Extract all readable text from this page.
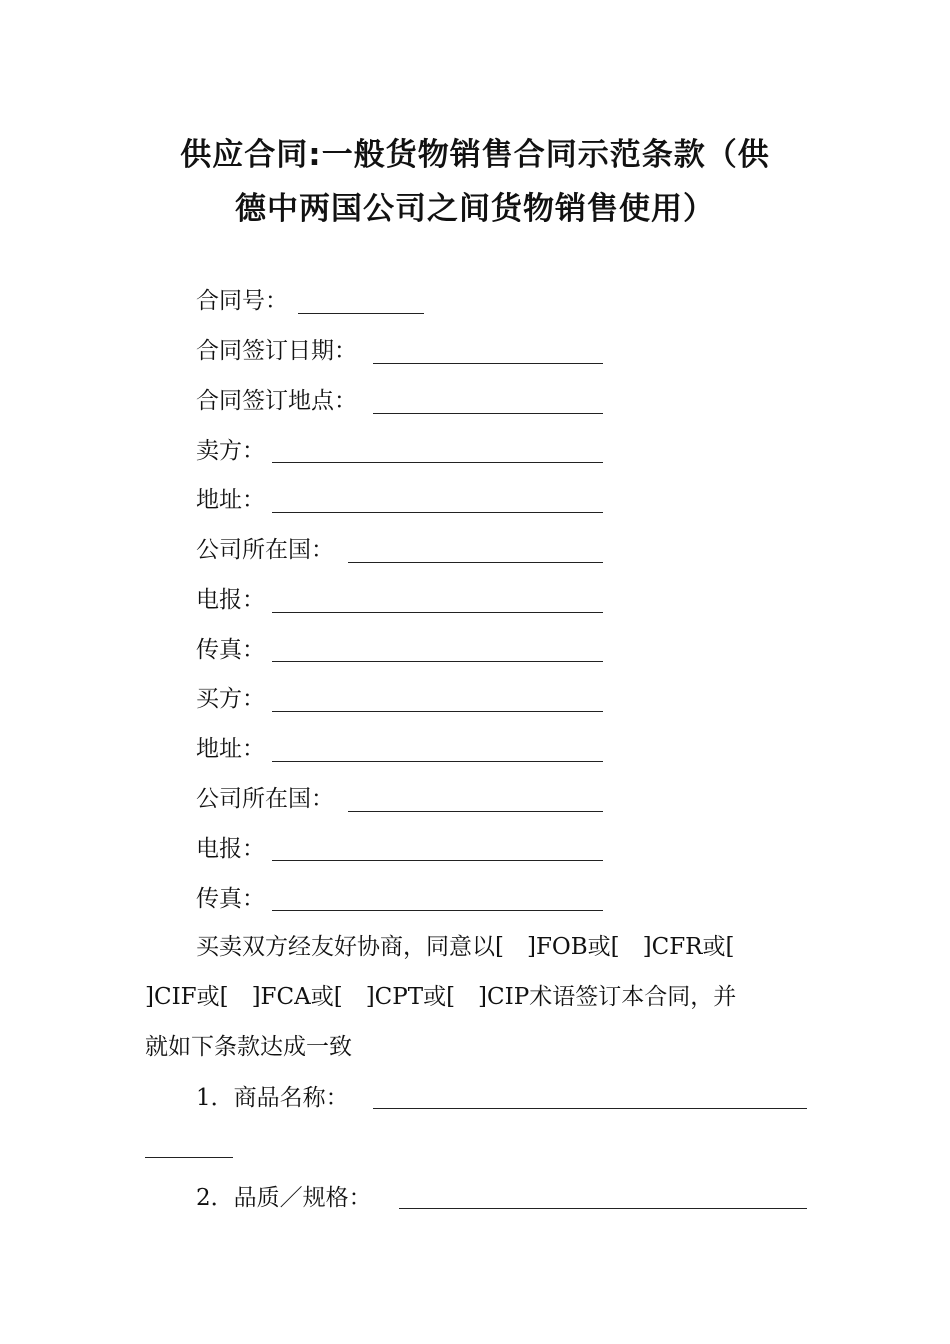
供应合同:一般货物销售合同示范条款（供
德中两国公司之间货物销售使用）
合同号：
合同签订日期：
合同签订地点：
卖方：
地址：
公司所在国：
电报：
传真：
买方：
地址：
公司所在国：
电报：
传真：
买卖双方经友好协商，同意以[　]FOB或[　]CFR或[
]CIF或[　]FCA或[　]CPT或[　]CIP术语签订本合同，并
就如下条款达成一致
1．商品名称：
2．品质／规格：
